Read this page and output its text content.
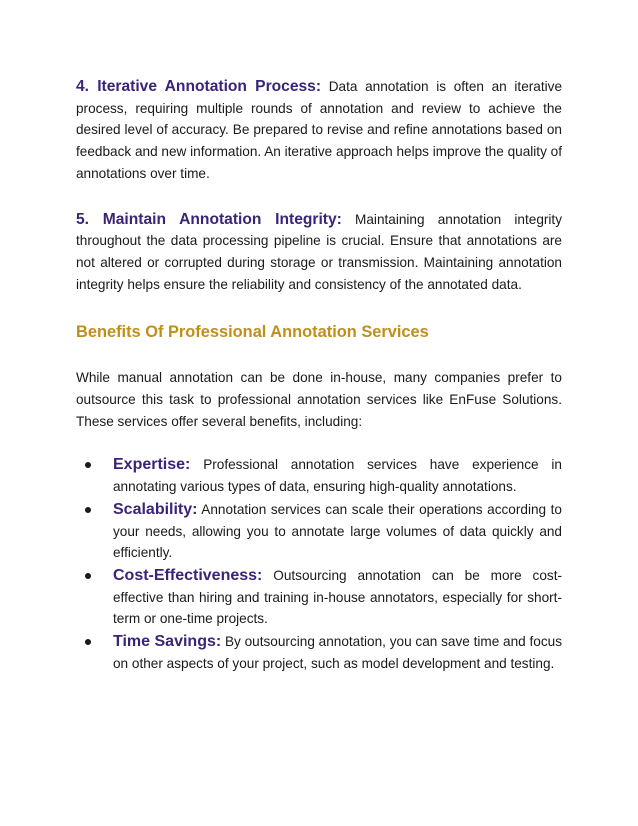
4. Iterative Annotation Process: Data annotation is often an iterative process, requiring multiple rounds of annotation and review to achieve the desired level of accuracy. Be prepared to revise and refine annotations based on feedback and new information. An iterative approach helps improve the quality of annotations over time.

5. Maintain Annotation Integrity: Maintaining annotation integrity throughout the data processing pipeline is crucial. Ensure that annotations are not altered or corrupted during storage or transmission. Maintaining annotation integrity helps ensure the reliability and consistency of the annotated data.

Benefits Of Professional Annotation Services

While manual annotation can be done in-house, many companies prefer to outsource this task to professional annotation services like EnFuse Solutions. These services offer several benefits, including:

Expertise: Professional annotation services have experience in annotating various types of data, ensuring high-quality annotations.
Scalability: Annotation services can scale their operations according to your needs, allowing you to annotate large volumes of data quickly and efficiently.
Cost-Effectiveness: Outsourcing annotation can be more cost-effective than hiring and training in-house annotators, especially for short-term or one-time projects.
Time Savings: By outsourcing annotation, you can save time and focus on other aspects of your project, such as model development and testing.
